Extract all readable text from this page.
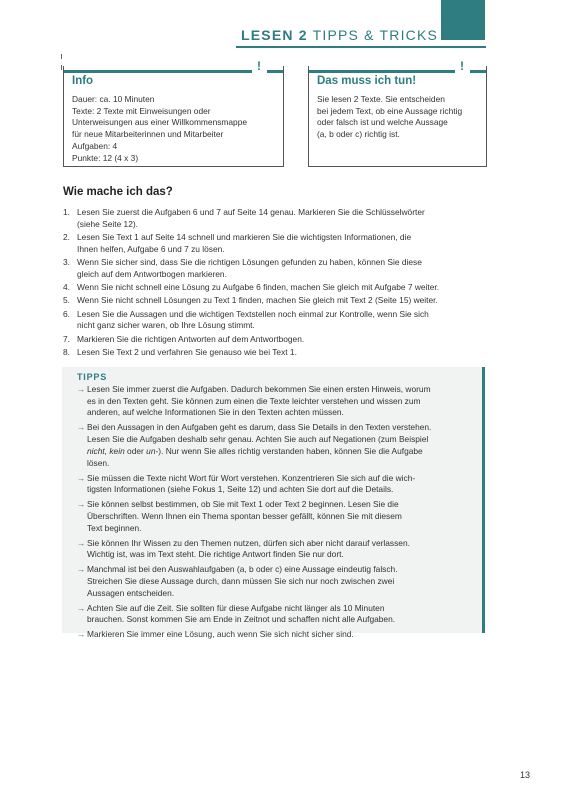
LESEN 2 TIPPS & TRICKS
!
Info
Dauer: ca. 10 Minuten
Texte: 2 Texte mit Einweisungen oder
Unterweisungen aus einer Willkommensmappe
für neue Mitarbeiterinnen und Mitarbeiter
Aufgaben: 4
Punkte: 12 (4 x 3)
!
Das muss ich tun!
Sie lesen 2 Texte. Sie entscheiden
bei jedem Text, ob eine Aussage richtig
oder falsch ist und welche Aussage
(a, b oder c) richtig ist.
Wie mache ich das?
1. Lesen Sie zuerst die Aufgaben 6 und 7 auf Seite 14 genau. Markieren Sie die Schlüsselwörter
(siehe Seite 12).
2. Lesen Sie Text 1 auf Seite 14 schnell und markieren Sie die wichtigsten Informationen, die
Ihnen helfen, Aufgabe 6 und 7 zu lösen.
3. Wenn Sie sicher sind, dass Sie die richtigen Lösungen gefunden zu haben, können Sie diese
gleich auf dem Antwortbogen markieren.
4. Wenn Sie nicht schnell eine Lösung zu Aufgabe 6 finden, machen Sie gleich mit Aufgabe 7 weiter.
5. Wenn Sie nicht schnell Lösungen zu Text 1 finden, machen Sie gleich mit Text 2 (Seite 15) weiter.
6. Lesen Sie die Aussagen und die wichtigen Textstellen noch einmal zur Kontrolle, wenn Sie sich
nicht ganz sicher waren, ob Ihre Lösung stimmt.
7. Markieren Sie die richtigen Antworten auf dem Antwortbogen.
8. Lesen Sie Text 2 und verfahren Sie genauso wie bei Text 1.
TIPPS
→ Lesen Sie immer zuerst die Aufgaben. Dadurch bekommen Sie einen ersten Hinweis, worum
es in den Texten geht. Sie können zum einen die Texte leichter verstehen und wissen zum
anderen, auf welche Informationen Sie in den Texten achten müssen.
→ Bei den Aussagen in den Aufgaben geht es darum, dass Sie Details in den Texten verstehen.
Lesen Sie die Aufgaben deshalb sehr genau. Achten Sie auch auf Negationen (zum Beispiel
nicht, kein oder un-). Nur wenn Sie alles richtig verstanden haben, können Sie die Aufgabe
lösen.
→ Sie müssen die Texte nicht Wort für Wort verstehen. Konzentrieren Sie sich auf die wich-
tigsten Informationen (siehe Fokus 1, Seite 12) und achten Sie dort auf die Details.
→ Sie können selbst bestimmen, ob Sie mit Text 1 oder Text 2 beginnen. Lesen Sie die
Überschriften. Wenn Ihnen ein Thema spontan besser gefällt, können Sie mit diesem
Text beginnen.
→ Sie können Ihr Wissen zu den Themen nutzen, dürfen sich aber nicht darauf verlassen.
Wichtig ist, was im Text steht. Die richtige Antwort finden Sie nur dort.
→ Manchmal ist bei den Auswahlaufgaben (a, b oder c) eine Aussage eindeutig falsch.
Streichen Sie diese Aussage durch, dann müssen Sie sich nur noch zwischen zwei
Aussagen entscheiden.
→ Achten Sie auf die Zeit. Sie sollten für diese Aufgabe nicht länger als 10 Minuten
brauchen. Sonst kommen Sie am Ende in Zeitnot und schaffen nicht alle Aufgaben.
→ Markieren Sie immer eine Lösung, auch wenn Sie sich nicht sicher sind.
13
